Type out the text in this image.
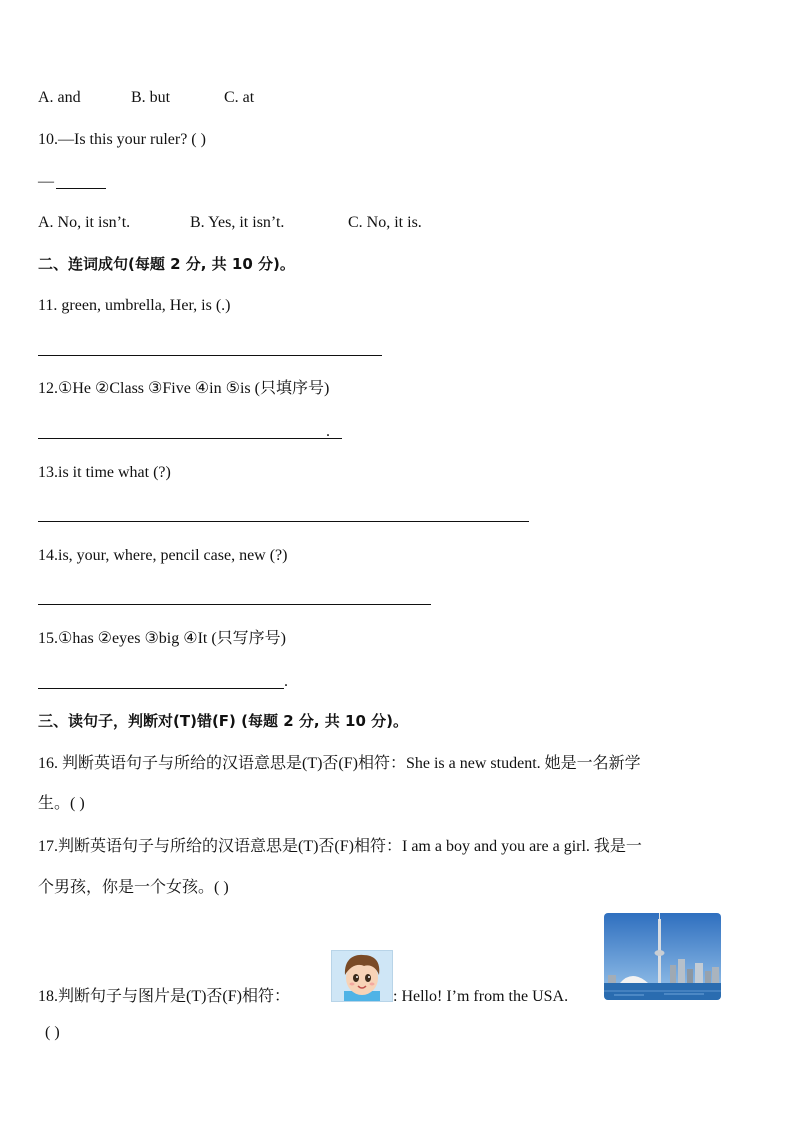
A. and	B. but	C. at
10.—Is this your ruler? ( )
—
A. No, it isn’t.	B. Yes, it isn’t.	C. No, it is.
二、连词成句(每题 2 分, 共 10 分)。
11. green, umbrella, Her, is (.)
12.①He ②Class ③Five ④in ⑤is (只填序号)
.
13.is it time what (?)
14.is, your, where, pencil case, new (?)
15.①has ②eyes ③big ④It (只写序号)
.
三、读句子，判断对(T)错(F) (每题 2 分, 共 10 分)。
16. 判断英语句子与所给的汉语意思是(T)否(F)相符：She is a new student. 她是一名新学
生。( )
17.判断英语句子与所给的汉语意思是(T)否(F)相符：I am a boy and you are a girl. 我是一
个男孩，你是一个女孩。( )
18.判断句子与图片是(T)否(F)相符：	: Hello! I’m from the USA.
( )
